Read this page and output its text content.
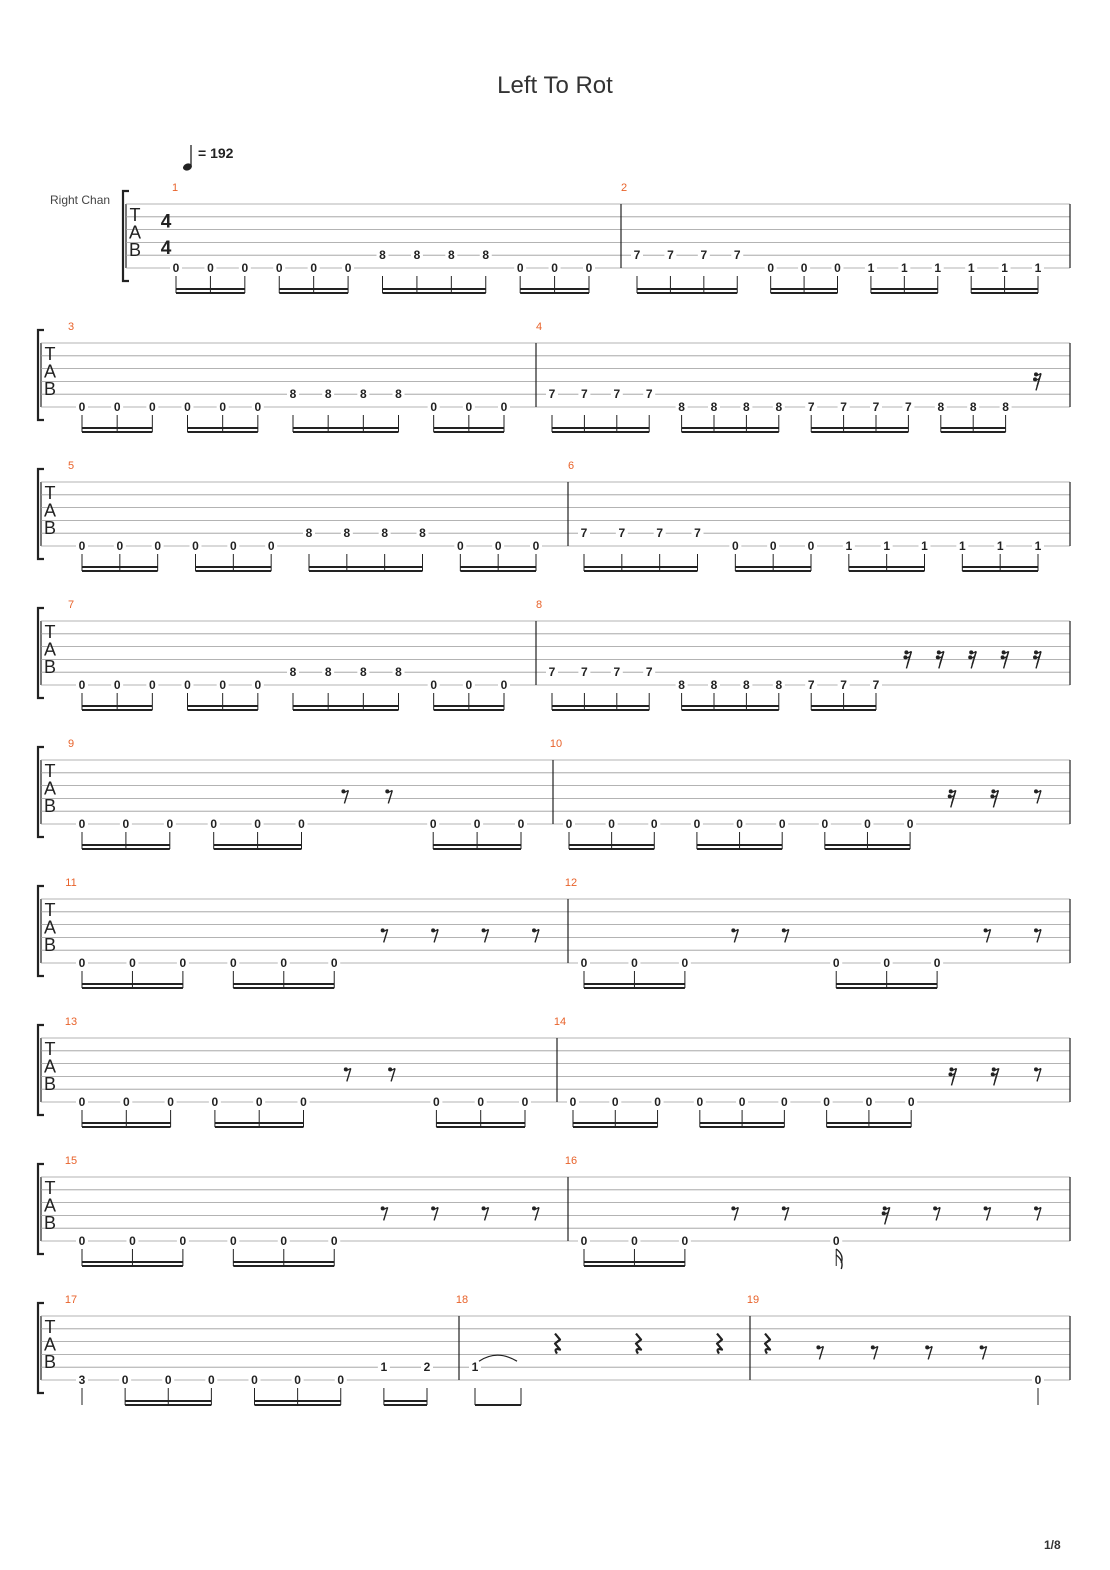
Left To Rot
= 192
Right Chan
T
A
B
4
4
1
0 0 0 0 0 0
8 8 8 8
0 0 0
2
7 7 7 7
0 0 0 1 1 1 1 1 1
T
A
B
3
0 0 0 0 0 0
8 8 8 8
0 0 0
4
7 7 7 7
8 8 8 8 7 7 7 7 8 8 8
T
A
B
5
0	0	0	0	0	0
8	8	8	8
0	0	0
6
7	7	7	7
0	0	0	1	1	1	1	1	1
T
A
B
7
0 0 0 0 0 0
8 8 8 8
0 0 0
8
7 7 7 7
8 8 8 8 7 7 7
T
A
B
9
0	0	0	0	0	0	0	0	0
10
0	0	0	0	0	0	0	0	0
T
A
B
11
0	0	0	0	0	0
12
0	0	0	0	0	0
T
A
B
13
0	0	0	0	0	0	0	0	0
14
0	0	0	0	0	0	0	0	0
T
A
B
15
0	0	0	0	0	0
16
0	0	0	0
T
A
B
17
3	0	0	0	0	0	0
1	2
18
1
19
0
1/8
